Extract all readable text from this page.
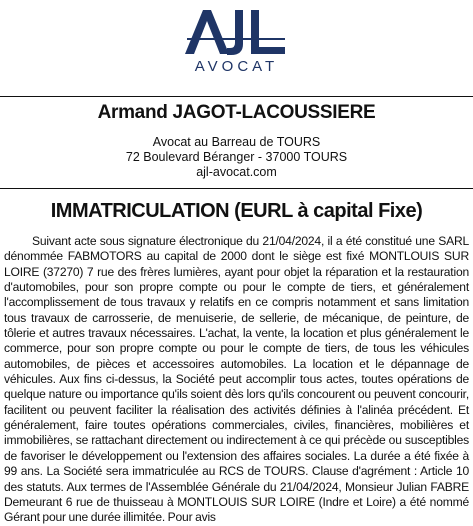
AVOCAT
Armand JAGOT-LACOUSSIERE
Avocat au Barreau de TOURS
72 Boulevard Béranger - 37000 TOURS
ajl-avocat.com
IMMATRICULATION (EURL à capital Fixe)

Suivant acte sous signature électronique du 21/04/2024, il a été constitué une SARL dénommée FABMOTORS au capital de 2000 dont le siège est fixé MONTLOUIS SUR LOIRE (37270) 7 rue des frères lumières, ayant pour objet la réparation et la restauration d'automobiles, pour son propre compte ou pour le compte de tiers, et généralement l'accomplissement de tous travaux y relatifs en ce compris notamment et sans limitation tous travaux de carrosserie, de menuiserie, de sellerie, de mécanique, de peinture, de tôlerie et autres travaux nécessaires. L'achat, la vente, la location et plus généralement le commerce, pour son propre compte ou pour le compte de tiers, de tous les véhicules automobiles, de pièces et accessoires automobiles. La location et le dépannage de véhicules. Aux fins ci-dessus, la Société peut accomplir tous actes, toutes opérations de quelque nature ou importance qu'ils soient dès lors qu'ils concourent ou peuvent concourir, facilitent ou peuvent faciliter la réalisation des activités définies à l'alinéa précédent. Et généralement, faire toutes opérations commerciales, civiles, financières, mobilières et immobilières, se rattachant directement ou indirectement à ce qui précède ou susceptibles de favoriser le développement ou l'extension des affaires sociales. La durée a été fixée à 99 ans. La Société sera immatriculée au RCS de TOURS. Clause d'agrément : Article 10 des statuts. Aux termes de l'Assemblée Générale du 21/04/2024, Monsieur Julian FABRE Demeurant 6 rue de thuisseau à MONTLOUIS SUR LOIRE (Indre et Loire) a été nommé Gérant pour une durée illimitée. Pour avis
